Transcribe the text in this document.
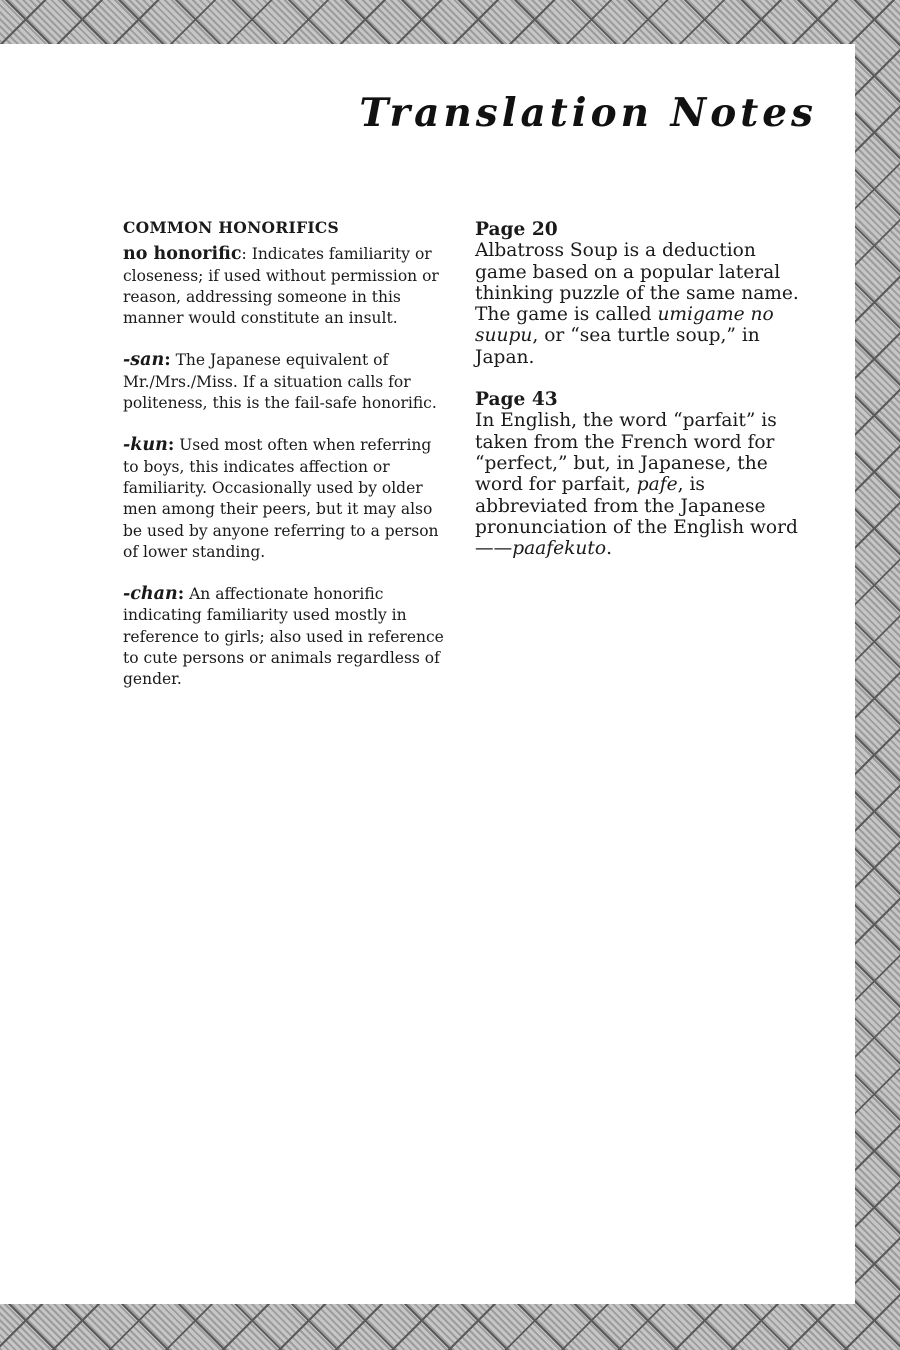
Translation Notes

COMMON HONORIFICS

no honorific: Indicates familiarity or closeness; if used without permission or reason, addressing someone in this manner would constitute an insult.

-san: The Japanese equivalent of Mr./Mrs./Miss. If a situation calls for politeness, this is the fail-safe honorific.

-kun: Used most often when referring to boys, this indicates affection or familiarity. Occasionally used by older men among their peers, but it may also be used by anyone referring to a person of lower standing.

-chan: An affectionate honorific indicating familiarity used mostly in reference to girls; also used in reference to cute persons or animals regardless of gender.

Page 20
Albatross Soup is a deduction game based on a popular lateral thinking puzzle of the same name. The game is called umigame no suupu, or “sea turtle soup,” in Japan.

Page 43
In English, the word “parfait” is taken from the French word for “perfect,” but, in Japanese, the word for parfait, pafe, is abbreviated from the Japanese pronunciation of the English word——paafekuto.
